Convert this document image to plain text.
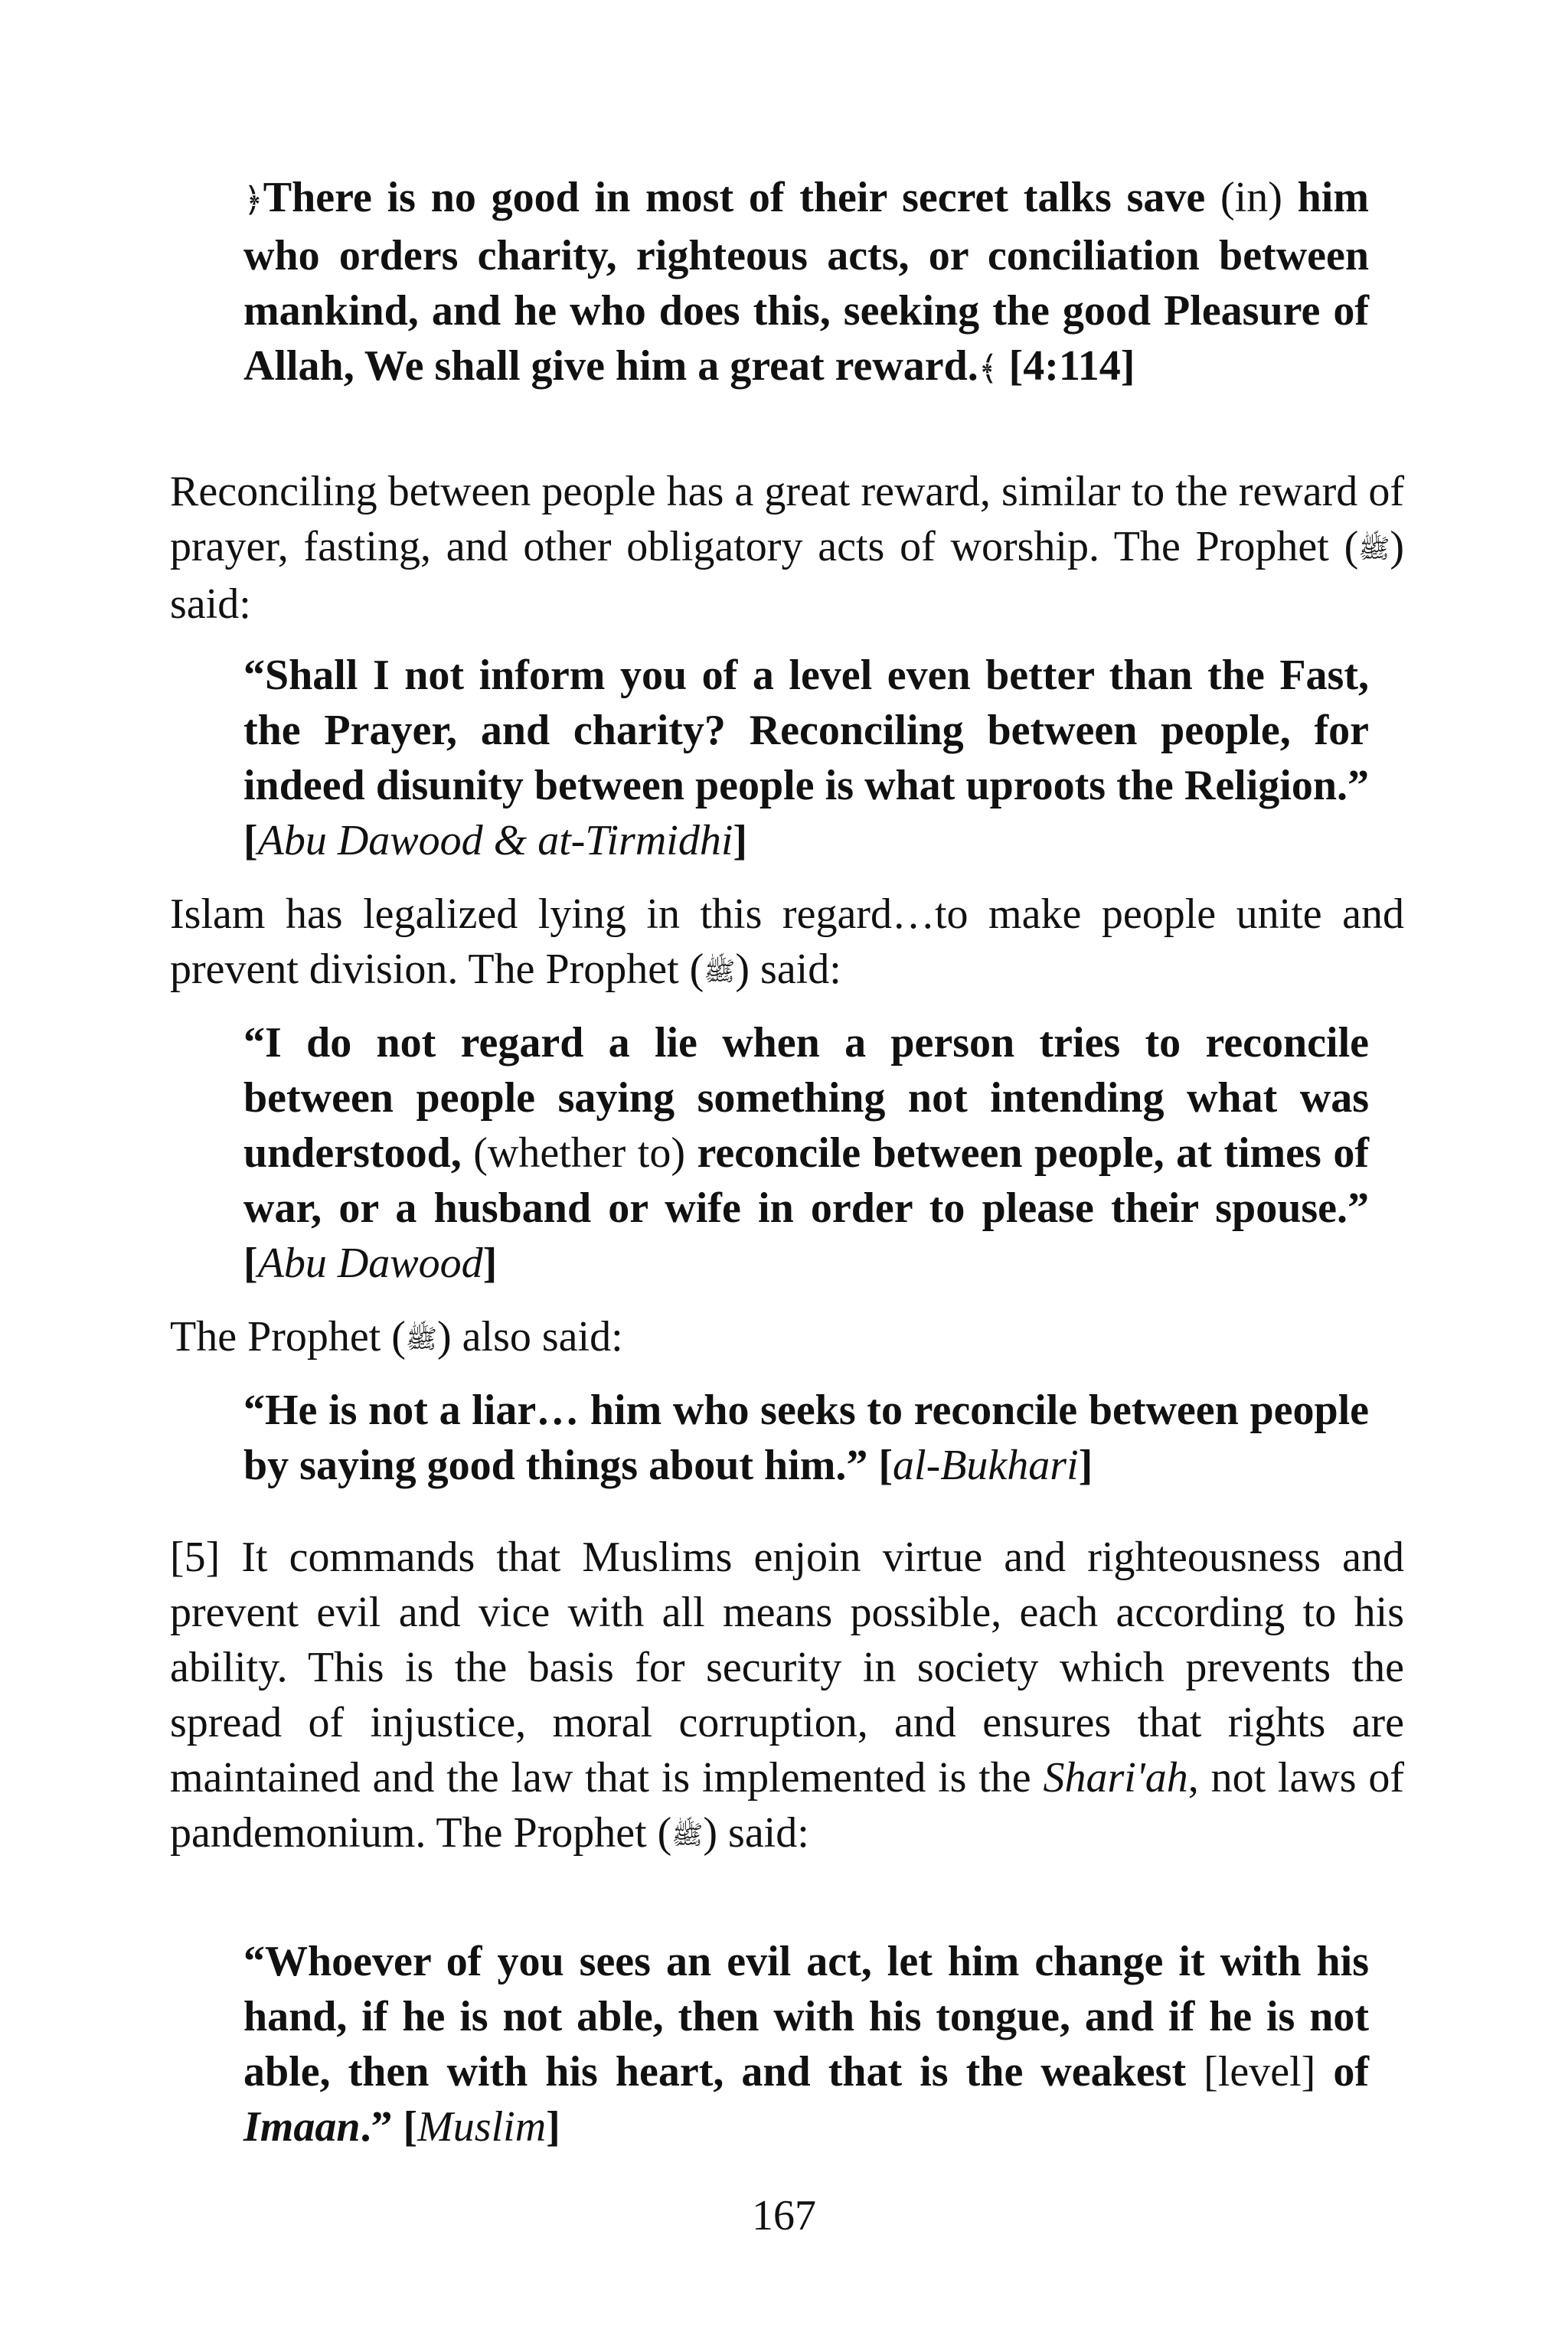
﴿There is no good in most of their secret talks save (in) him who orders charity, righteous acts, or conciliation between mankind, and he who does this, seeking the good Pleasure of Allah, We shall give him a great reward.﴾ [4:114]

Reconciling between people has a great reward, similar to the reward of prayer, fasting, and other obligatory acts of worship. The Prophet (ﷺ) said:

“Shall I not inform you of a level even better than the Fast, the Prayer, and charity? Reconciling between people, for indeed disunity between people is what uproots the Religion.” [Abu Dawood & at-Tirmidhi]

Islam has legalized lying in this regard…to make people unite and prevent division. The Prophet (ﷺ) said:

“I do not regard a lie when a person tries to reconcile between people saying something not intending what was understood, (whether to) reconcile between people, at times of war, or a husband or wife in order to please their spouse.” [Abu Dawood]

The Prophet (ﷺ) also said:

“He is not a liar… him who seeks to reconcile between people by saying good things about him.” [al-Bukhari]

[5] It commands that Muslims enjoin virtue and righteousness and prevent evil and vice with all means possible, each according to his ability. This is the basis for security in society which prevents the spread of injustice, moral corruption, and ensures that rights are maintained and the law that is implemented is the Shari'ah, not laws of pandemonium. The Prophet (ﷺ) said:

“Whoever of you sees an evil act, let him change it with his hand, if he is not able, then with his tongue, and if he is not able, then with his heart, and that is the weakest [level] of Imaan.” [Muslim]

167
